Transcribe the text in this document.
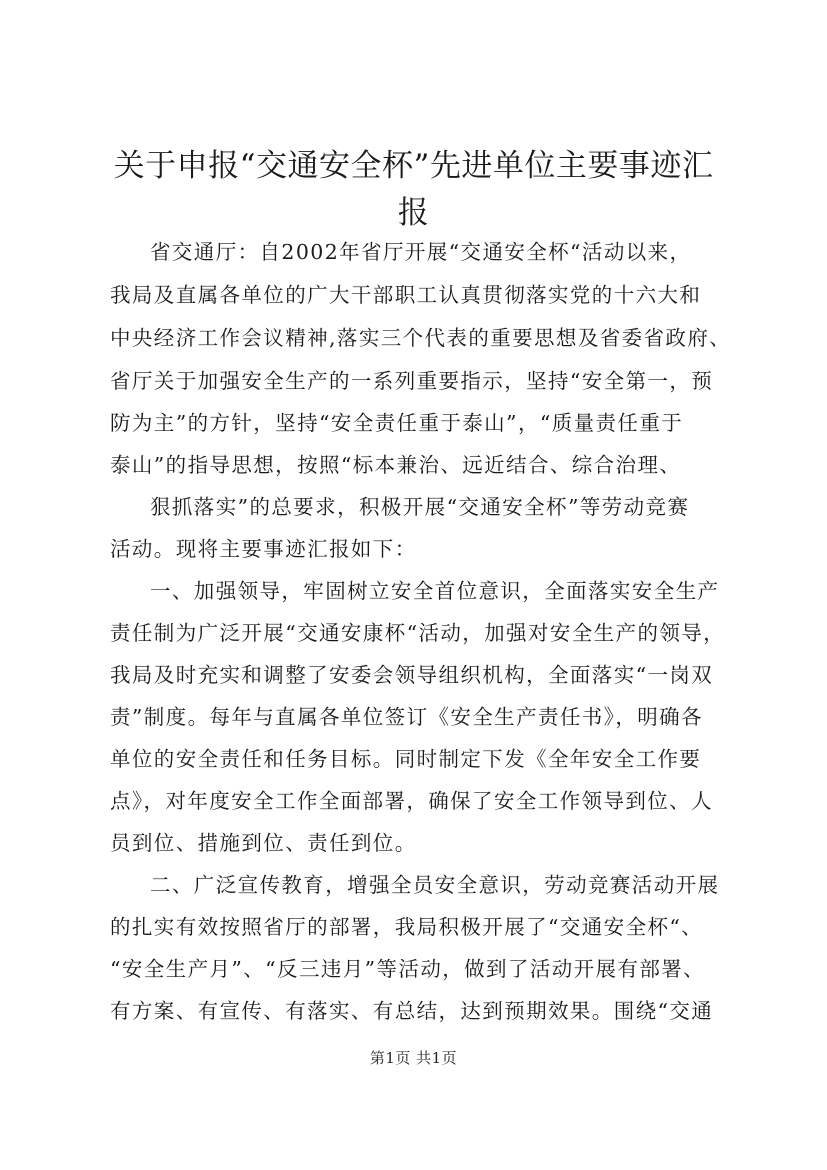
关于申报“交通安全杯”先进单位主要事迹汇报
省交通厅：自2002年省厅开展“交通安全杯“活动以来，
我局及直属各单位的广大干部职工认真贯彻落实党的十六大和
中央经济工作会议精神,落实三个代表的重要思想及省委省政府、
省厅关于加强安全生产的一系列重要指示，坚持“安全第一，预
防为主”的方针，坚持“安全责任重于泰山”，“质量责任重于
泰山”的指导思想，按照“标本兼治、远近结合、综合治理、
狠抓落实”的总要求，积极开展“交通安全杯”等劳动竞赛
活动。现将主要事迹汇报如下：
一、加强领导，牢固树立安全首位意识，全面落实安全生产
责任制为广泛开展“交通安康杯“活动，加强对安全生产的领导，
我局及时充实和调整了安委会领导组织机构，全面落实“一岗双
责”制度。每年与直属各单位签订《安全生产责任书》，明确各
单位的安全责任和任务目标。同时制定下发《全年安全工作要
点》，对年度安全工作全面部署，确保了安全工作领导到位、人
员到位、措施到位、责任到位。
二、广泛宣传教育，增强全员安全意识，劳动竞赛活动开展
的扎实有效按照省厅的部署，我局积极开展了“交通安全杯“、
“安全生产月”、“反三违月”等活动，做到了活动开展有部署、
有方案、有宣传、有落实、有总结，达到预期效果。围绕“交通
第1页 共1页
